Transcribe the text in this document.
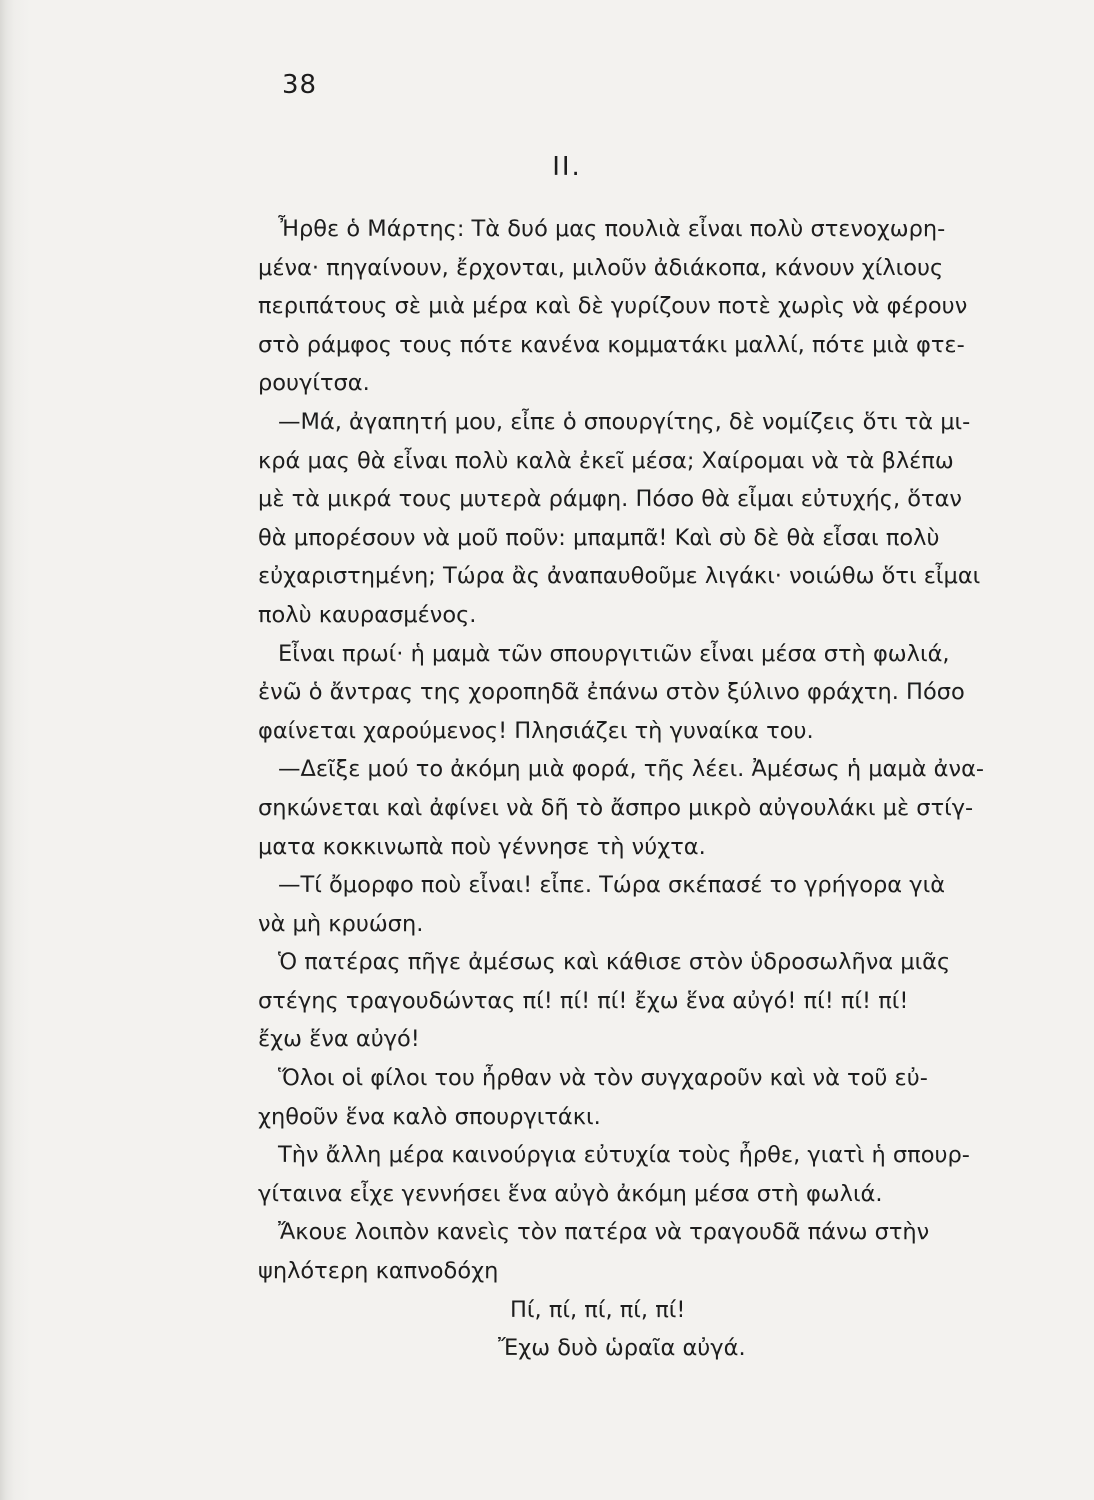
38
ΙΙ.

Ἦρθε ὁ Μάρτης: Τὰ δυό μας πουλιὰ εἶναι πολὺ στενοχωρη-
μένα· πηγαίνουν, ἔρχονται, μιλοῦν ἀδιάκοπα, κάνουν χίλιους
περιπάτους σὲ μιὰ μέρα καὶ δὲ γυρίζουν ποτὲ χωρὶς νὰ φέρουν
στὸ ράμφος τους πότε κανένα κομματάκι μαλλί, πότε μιὰ φτε-
ρουγίτσα.

—Μά, ἀγαπητή μου, εἶπε ὁ σπουργίτης, δὲ νομίζεις ὅτι τὰ μι-
κρά μας θὰ εἶναι πολὺ καλὰ ἐκεῖ μέσα; Χαίρομαι νὰ τὰ βλέπω
μὲ τὰ μικρά τους μυτερὰ ράμφη. Πόσο θὰ εἶμαι εὐτυχής, ὅταν
θὰ μπορέσουν νὰ μοῦ ποῦν: μπαμπᾶ! Καὶ σὺ δὲ θὰ εἶσαι πολὺ
εὐχαριστημένη; Τώρα ἂς ἀναπαυθοῦμε λιγάκι· νοιώθω ὅτι εἶμαι
πολὺ καυρασμένος.

Εἶναι πρωί· ἡ μαμὰ τῶν σπουργιτιῶν εἶναι μέσα στὴ φωλιά,
ἐνῶ ὁ ἄντρας της χοροπηδᾶ ἐπάνω στὸν ξύλινο φράχτη. Πόσο
φαίνεται χαρούμενος! Πλησιάζει τὴ γυναίκα του.

—Δεῖξε μού το ἀκόμη μιὰ φορά, τῆς λέει. Ἀμέσως ἡ μαμὰ ἀνα-
σηκώνεται καὶ ἀφίνει νὰ δῆ τὸ ἄσπρο μικρὸ αὐγουλάκι μὲ στίγ-
ματα κοκκινωπὰ ποὺ γέννησε τὴ νύχτα.

—Τί ὄμορφο ποὺ εἶναι! εἶπε. Τώρα σκέπασέ το γρήγορα γιὰ
νὰ μὴ κρυώση.

Ὁ πατέρας πῆγε ἀμέσως καὶ κάθισε στὸν ὑδροσωλῆνα μιᾶς
στέγης τραγουδώντας πί! πί! πί! ἔχω ἕνα αὐγό! πί! πί! πί!
ἔχω ἕνα αὐγό!

Ὅλοι οἱ φίλοι του ἦρθαν νὰ τὸν συγχαροῦν καὶ νὰ τοῦ εὐ-
χηθοῦν ἕνα καλὸ σπουργιτάκι.

Τὴν ἄλλη μέρα καινούργια εὐτυχία τοὺς ἦρθε, γιατὶ ἡ σπουρ-
γίταινα εἶχε γεννήσει ἕνα αὐγὸ ἀκόμη μέσα στὴ φωλιά.

Ἄκουε λοιπὸν κανεὶς τὸν πατέρα νὰ τραγουδᾶ πάνω στὴν
ψηλότερη καπνοδόχη

Πί, πί, πί, πί, πί!

Ἔχω δυὸ ὡραῖα αὐγά.
